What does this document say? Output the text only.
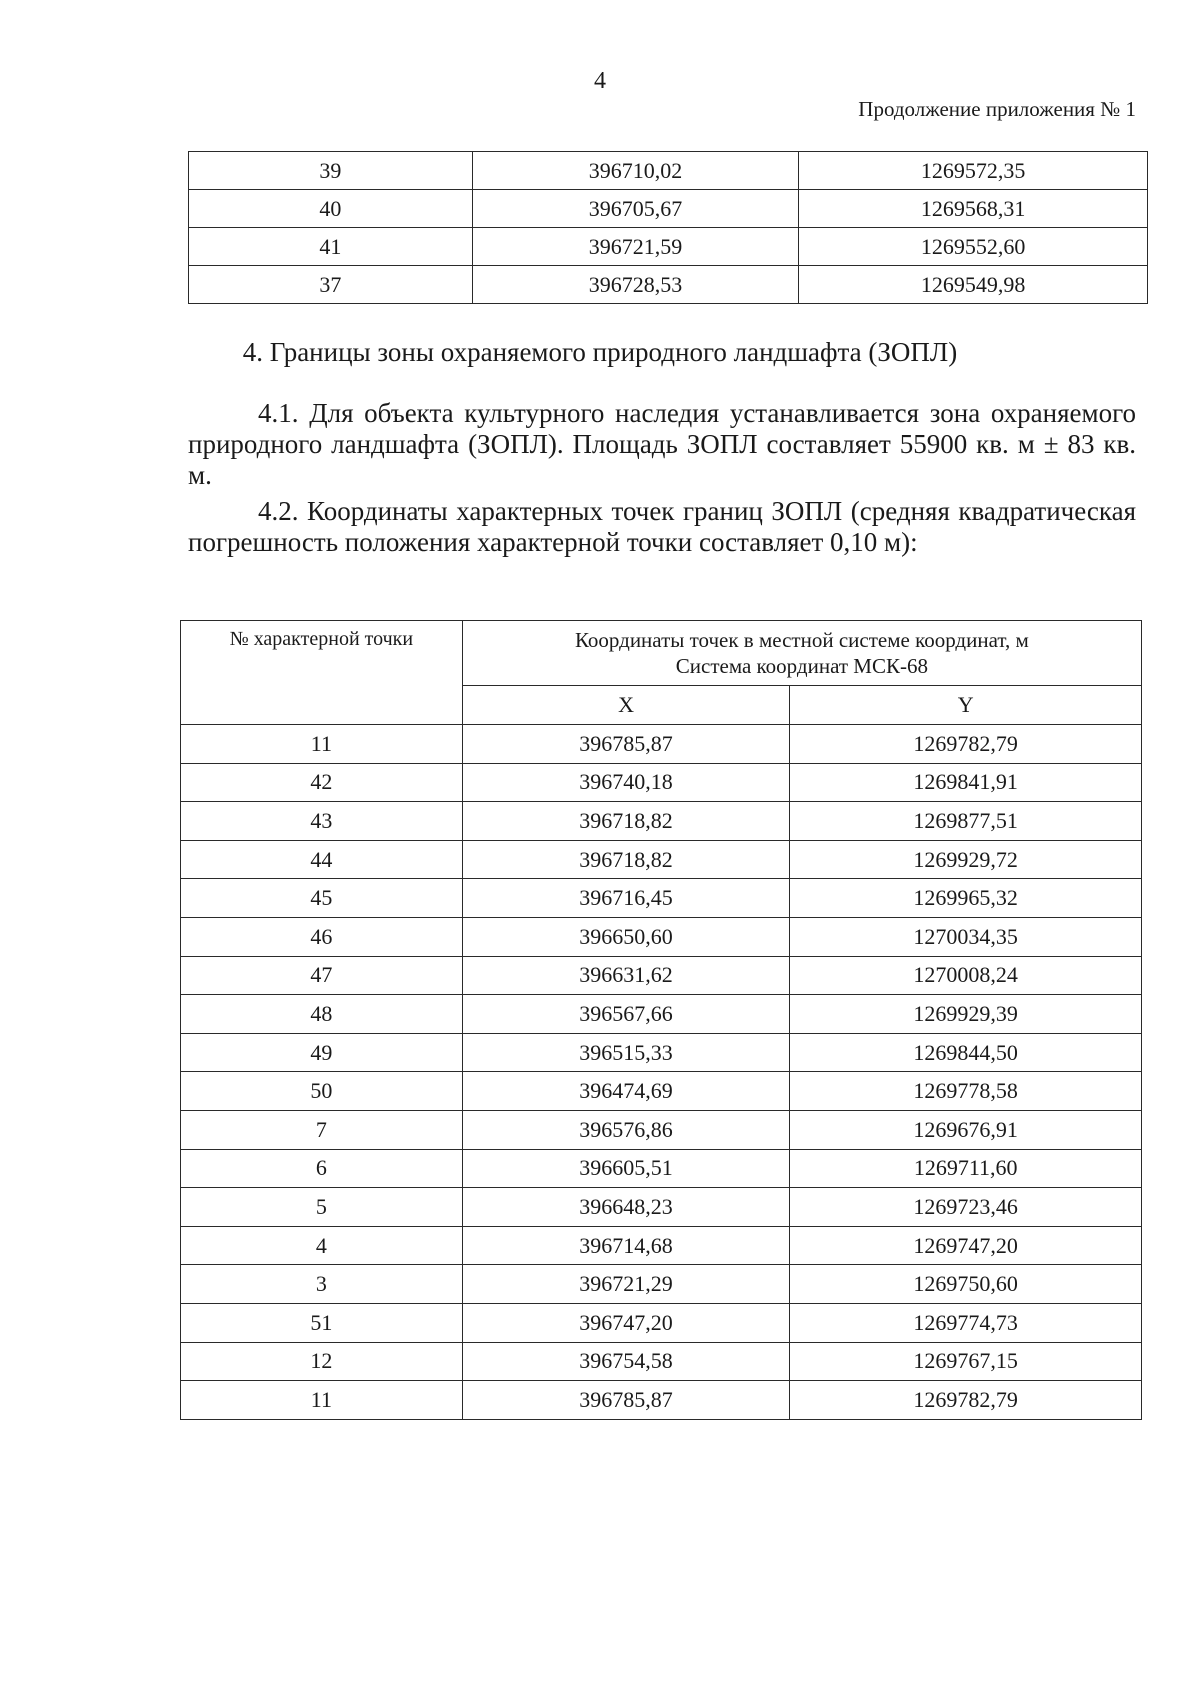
4
Продолжение приложения № 1
39	396710,02	1269572,35
40	396705,67	1269568,31
41	396721,59	1269552,60
37	396728,53	1269549,98
4. Границы зоны охраняемого природного ландшафта (ЗОПЛ)
4.1. Для объекта культурного наследия устанавливается зона охраняемого природного ландшафта (ЗОПЛ). Площадь ЗОПЛ составляет 55900 кв. м ± 83 кв. м.
4.2. Координаты характерных точек границ ЗОПЛ (средняя квадратическая погрешность положения характерной точки составляет 0,10 м):
№ характерной точки	Координаты точек в местной системе координат, м
Система координат МСК-68	
	X	Y
11	396785,87	1269782,79
42	396740,18	1269841,91
43	396718,82	1269877,51
44	396718,82	1269929,72
45	396716,45	1269965,32
46	396650,60	1270034,35
47	396631,62	1270008,24
48	396567,66	1269929,39
49	396515,33	1269844,50
50	396474,69	1269778,58
7	396576,86	1269676,91
6	396605,51	1269711,60
5	396648,23	1269723,46
4	396714,68	1269747,20
3	396721,29	1269750,60
51	396747,20	1269774,73
12	396754,58	1269767,15
11	396785,87	1269782,79
